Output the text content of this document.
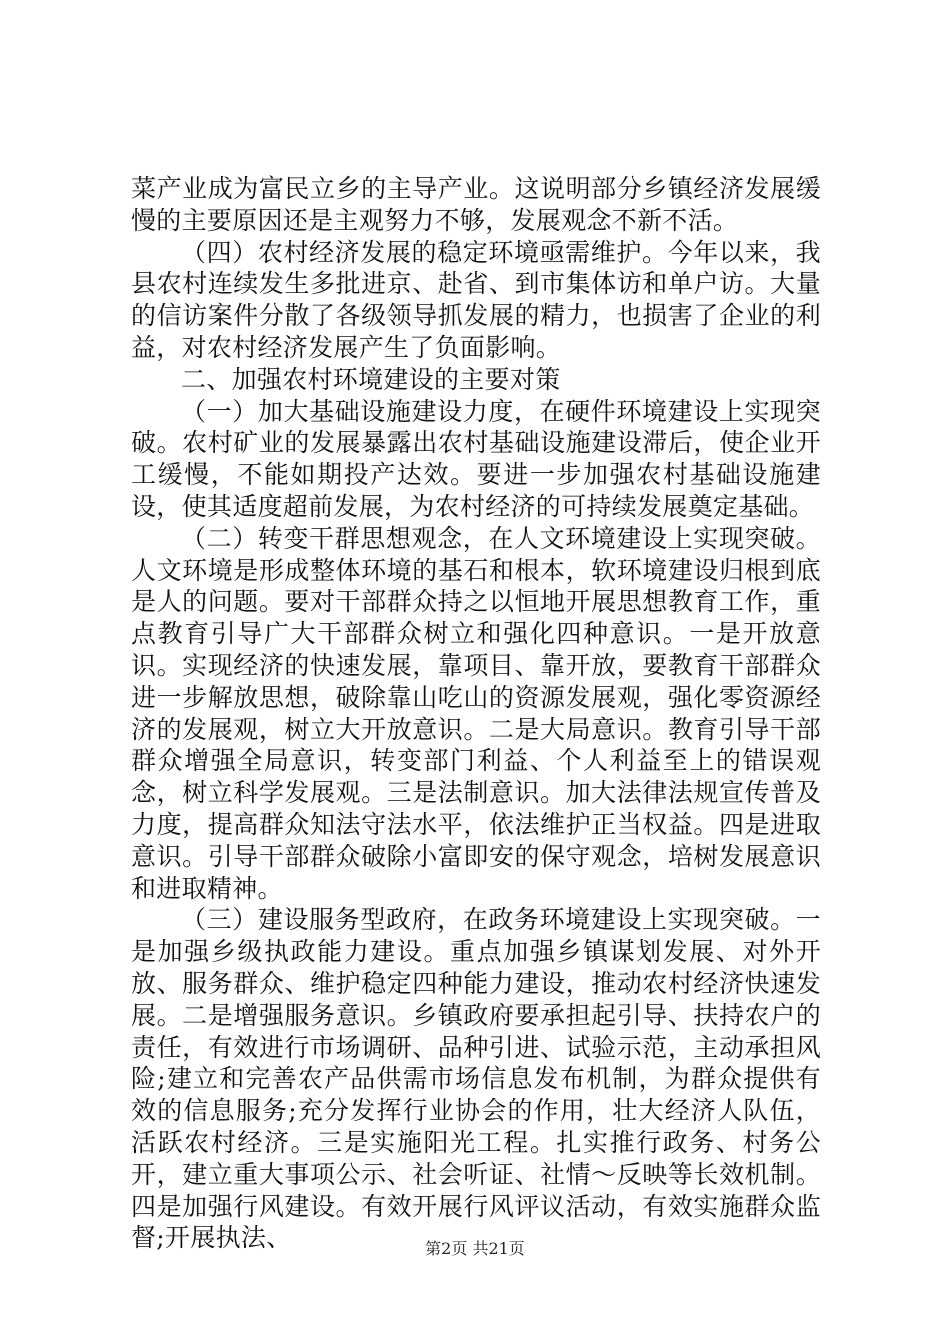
菜产业成为富民立乡的主导产业。这说明部分乡镇经济发展缓慢的主要原因还是主观努力不够，发展观念不新不活。

（四）农村经济发展的稳定环境亟需维护。今年以来，我县农村连续发生多批进京、赴省、到市集体访和单户访。大量的信访案件分散了各级领导抓发展的精力，也损害了企业的利益，对农村经济发展产生了负面影响。

二、加强农村环境建设的主要对策

（一）加大基础设施建设力度，在硬件环境建设上实现突破。农村矿业的发展暴露出农村基础设施建设滞后，使企业开工缓慢，不能如期投产达效。要进一步加强农村基础设施建设，使其适度超前发展，为农村经济的可持续发展奠定基础。

（二）转变干群思想观念，在人文环境建设上实现突破。人文环境是形成整体环境的基石和根本，软环境建设归根到底是人的问题。要对干部群众持之以恒地开展思想教育工作，重点教育引导广大干部群众树立和强化四种意识。一是开放意识。实现经济的快速发展，靠项目、靠开放，要教育干部群众进一步解放思想，破除靠山吃山的资源发展观，强化零资源经济的发展观，树立大开放意识。二是大局意识。教育引导干部群众增强全局意识，转变部门利益、个人利益至上的错误观念，树立科学发展观。三是法制意识。加大法律法规宣传普及力度，提高群众知法守法水平，依法维护正当权益。四是进取意识。引导干部群众破除小富即安的保守观念，培树发展意识和进取精神。

（三）建设服务型政府，在政务环境建设上实现突破。一是加强乡级执政能力建设。重点加强乡镇谋划发展、对外开放、服务群众、维护稳定四种能力建设，推动农村经济快速发展。二是增强服务意识。乡镇政府要承担起引导、扶持农户的责任，有效进行市场调研、品种引进、试验示范，主动承担风险;建立和完善农产品供需市场信息发布机制，为群众提供有效的信息服务;充分发挥行业协会的作用，壮大经济人队伍，活跃农村经济。三是实施阳光工程。扎实推行政务、村务公开，建立重大事项公示、社会听证、社情～反映等长效机制。四是加强行风建设。有效开展行风评议活动，有效实施群众监督;开展执法、	第2页 共21页
